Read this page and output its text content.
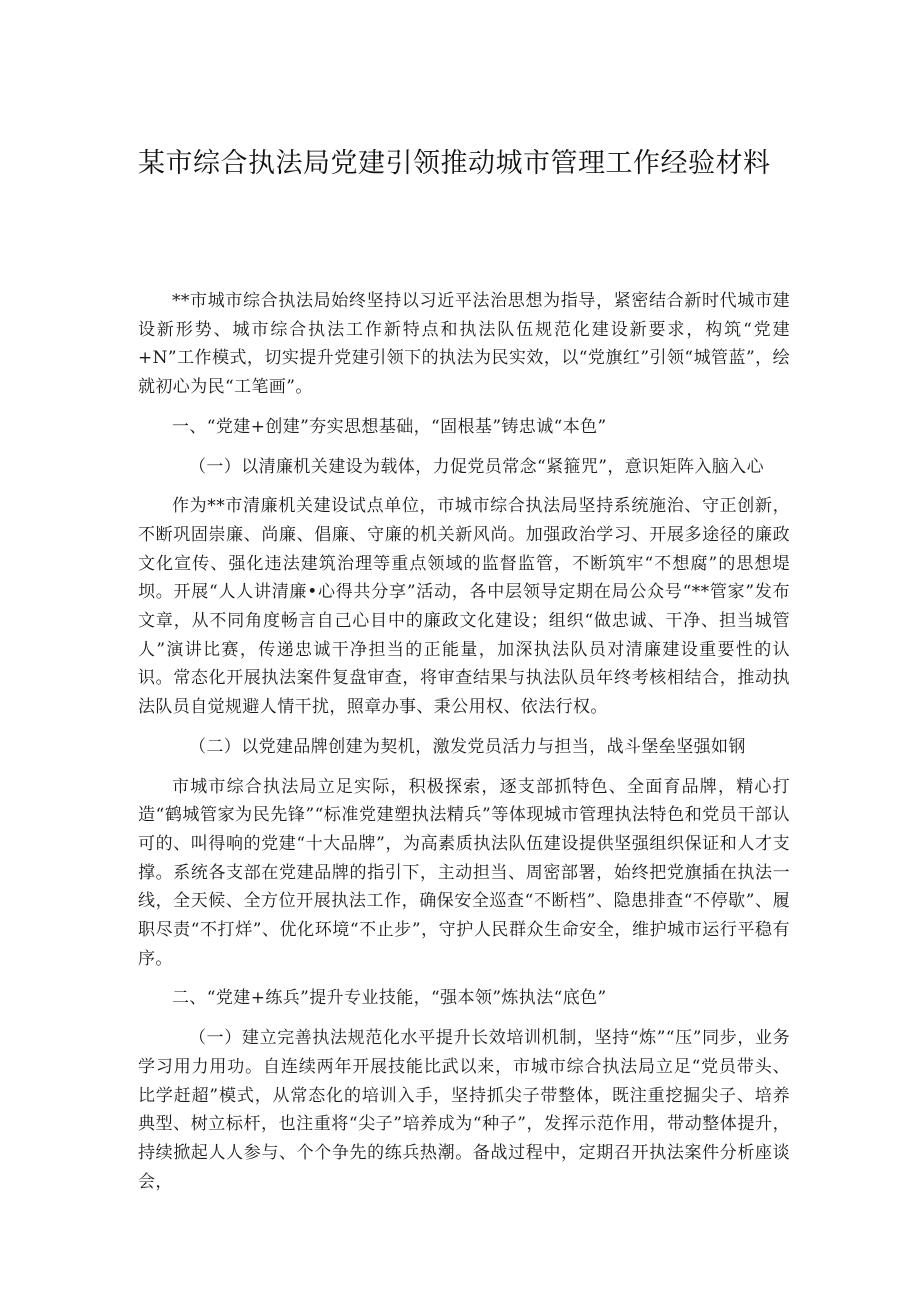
某市综合执法局党建引领推动城市管理工作经验材料

**市城市综合执法局始终坚持以习近平法治思想为指导，紧密结合新时代城市建设新形势、城市综合执法工作新特点和执法队伍规范化建设新要求，构筑“党建+N”工作模式，切实提升党建引领下的执法为民实效，以“党旗红”引领“城管蓝”，绘就初心为民“工笔画”。

一、“党建+创建”夯实思想基础，“固根基”铸忠诚“本色”

（一）以清廉机关建设为载体，力促党员常念“紧箍咒”，意识矩阵入脑入心

作为**市清廉机关建设试点单位，市城市综合执法局坚持系统施治、守正创新，不断巩固崇廉、尚廉、倡廉、守廉的机关新风尚。加强政治学习、开展多途径的廉政文化宣传、强化违法建筑治理等重点领域的监督监管，不断筑牢“不想腐”的思想堤坝。开展“人人讲清廉•心得共分享”活动，各中层领导定期在局公众号“**管家”发布文章，从不同角度畅言自己心目中的廉政文化建设；组织“做忠诚、干净、担当城管人”演讲比赛，传递忠诚干净担当的正能量，加深执法队员对清廉建设重要性的认识。常态化开展执法案件复盘审查，将审查结果与执法队员年终考核相结合，推动执法队员自觉规避人情干扰，照章办事、秉公用权、依法行权。

（二）以党建品牌创建为契机，激发党员活力与担当，战斗堡垒坚强如钢

市城市综合执法局立足实际，积极探索，逐支部抓特色、全面育品牌，精心打造“鹤城管家为民先锋”“标准党建塑执法精兵”等体现城市管理执法特色和党员干部认可的、叫得响的党建“十大品牌”，为高素质执法队伍建设提供坚强组织保证和人才支撑。系统各支部在党建品牌的指引下，主动担当、周密部署，始终把党旗插在执法一线，全天候、全方位开展执法工作，确保安全巡查“不断档”、隐患排查“不停歇”、履职尽责“不打烊”、优化环境“不止步”，守护人民群众生命安全，维护城市运行平稳有序。

二、“党建+练兵”提升专业技能，“强本领”炼执法“底色”

（一）建立完善执法规范化水平提升长效培训机制，坚持“炼”“压”同步，业务学习用力用功。自连续两年开展技能比武以来，市城市综合执法局立足“党员带头、比学赶超”模式，从常态化的培训入手，坚持抓尖子带整体，既注重挖掘尖子、培养典型、树立标杆，也注重将“尖子”培养成为“种子”，发挥示范作用，带动整体提升，持续掀起人人参与、个个争先的练兵热潮。备战过程中，定期召开执法案件分析座谈会，
